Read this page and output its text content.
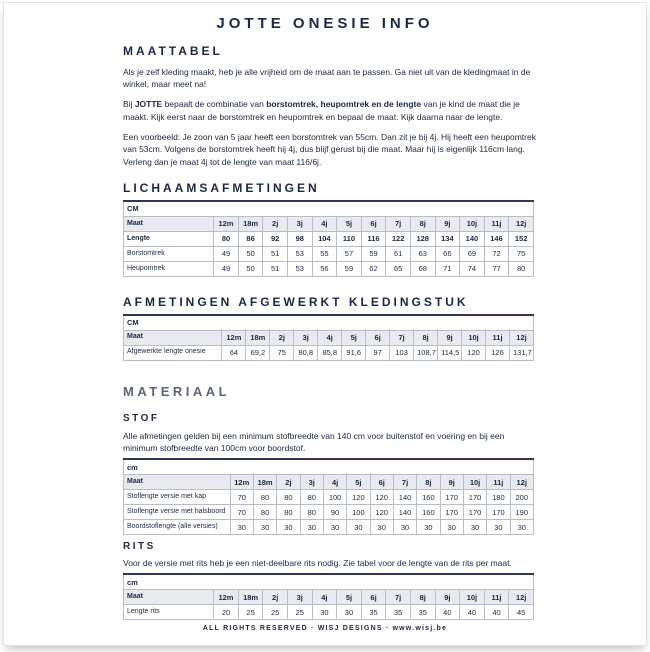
JOTTE ONESIE INFO
MAATTABEL

Als je zelf kleding maakt, heb je alle vrijheid om de maat aan te passen. Ga niet uit van de kledingmaat in de winkel, maar meet na!

Bij JOTTE bepaalt de combinatie van borstomtrek, heupomtrek en de lengte van je kind de maat die je maakt. Kijk eerst naar de borstomtrek en heupomtrek en bepaal de maat. Kijk daarna naar de lengte.

Een voorbeeld: Je zoon van 5 jaar heeft een borstomtrek van 55cm. Dan zit je bij 4j. Hij heeft een heupomtrek van 53cm. Volgens de borstomtrek heeft hij 4j, dus blijf gerust bij die maat. Maar hij is eigenlijk 116cm lang. Verleng dan je maat 4j tot de lengte van maat 116/6j.

LICHAAMSAFMETINGEN
CM													
Maat	12m	18m	2j	3j	4j	5j	6j	7j	8j	9j	10j	11j	12j
Lengte	80	86	92	98	104	110	116	122	128	134	140	146	152
Borstomtrek	49	50	51	53	55	57	59	61	63	66	69	72	75
Heupomtrek	49	50	51	53	56	59	62	65	68	71	74	77	80
AFMETINGEN AFGEWERKT KLEDINGSTUK
CM													
Maat	12m	18m	2j	3j	4j	5j	6j	7j	8j	9j	10j	11j	12j
Afgewerkte lengte onesie	64	69,2	75	80,8	85,8	91,6	97	103	108,7	114,5	120	126	131,7
MATERIAAL
STOF

Alle afmetingen gelden bij een minimum stofbreedte van 140 cm voor buitenstof en voering en bij een minimum stofbreedte van 100cm voor boordstof.

cm													
Maat	12m	18m	2j	3j	4j	5j	6j	7j	8j	9j	10j	11j	12j
Stoflengte versie met kap	70	80	80	80	100	120	120	140	160	170	170	180	200
Stoflengte versie met halsboord	70	80	80	80	90	100	120	140	160	170	170	170	190
Boordstoflengte (alle versies)	30	30	30	30	30	30	30	30	30	30	30	30	30
RITS

Voor de versie met rits heb je een niet-deelbare rits nodig. Zie tabel voor de lengte van de rits per maat.

cm													
Maat	12m	18m	2j	3j	4j	5j	6j	7j	8j	9j	10j	11j	12j
Lengte rits	20	25	25	25	30	30	35	35	35	40	40	40	45
ALL RIGHTS RESERVED · WISJ DESIGNS · www.wisj.be
